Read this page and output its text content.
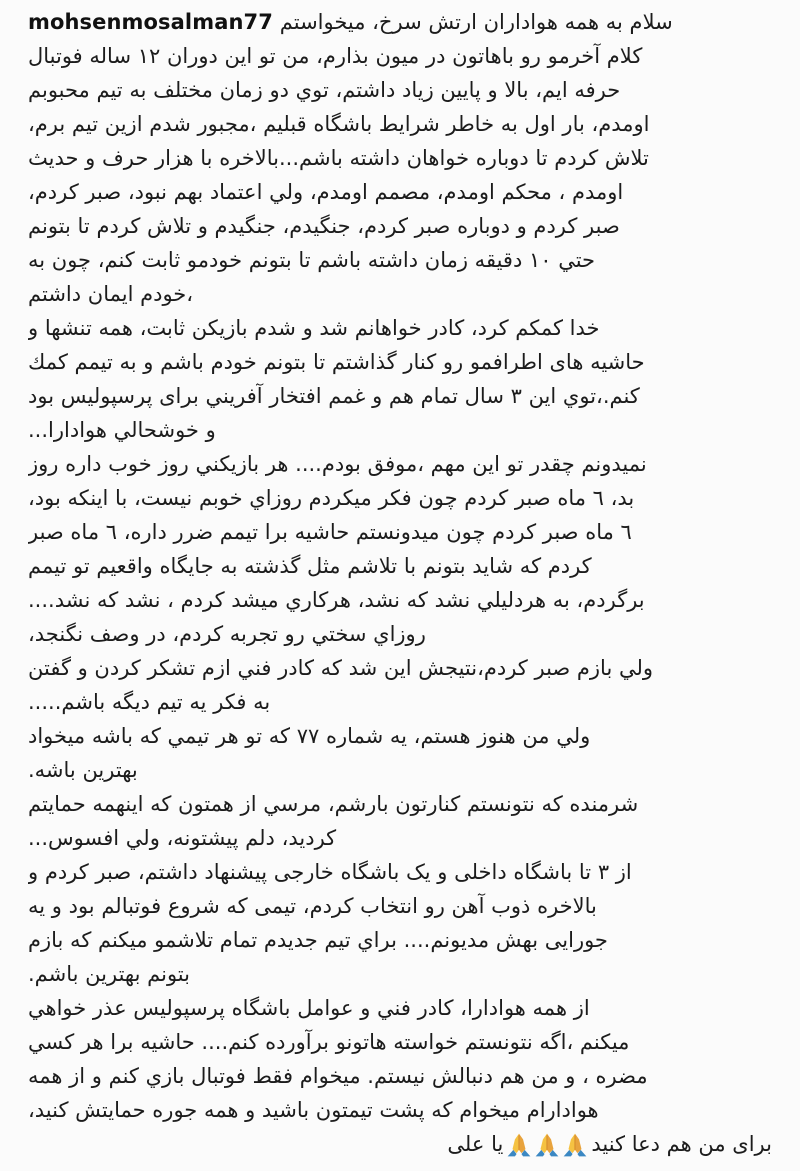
mohsenmosalman77 سلام به همه هواداران ارتش سرخ، میخواستم
کلام آخرمو رو باهاتون در میون بذارم، من تو این دوران ۱۲ ساله فوتبال
حرفه ایم، بالا و پایین زیاد داشتم، توي دو زمان مختلف به تیم محبوبم
اومدم، بار اول به خاطر شرایط باشگاه قبلیم ،مجبور شدم ازین تیم برم،
تلاش کردم تا دوباره خواهان داشته باشم...بالاخره با هزار حرف و حدیث
اومدم ، محکم اومدم، مصمم اومدم، ولي اعتماد بهم نبود، صبر کردم،
صبر کردم و دوباره صبر کردم، جنگیدم، جنگیدم و تلاش کردم تا بتونم
حتي ۱۰ دقیقه زمان داشته باشم تا بتونم خودمو ثابت کنم، چون به
،خودم ایمان داشتم
خدا کمکم کرد، کادر خواهانم شد و شدم بازیکن ثابت، همه تنشها و
حاشیه های اطرافمو رو کنار گذاشتم تا بتونم خودم باشم و به تیمم کمك
کنم.،توي این ۳ سال تمام هم و غمم افتخار آفریني برای پرسپولیس بود
و خوشحالي هوادارا...
نمیدونم چقدر تو این مهم ،موفق بودم.... هر بازیکني روز خوب داره روز
بد، ٦ ماه صبر کردم چون فکر میکردم روزاي خوبم نیست، با اینکه بود،
٦ ماه صبر کردم چون میدونستم حاشیه برا تیمم ضرر داره، ٦ ماه صبر
کردم که شاید بتونم با تلاشم مثل گذشته به جایگاه واقعیم تو تیمم
برگردم، به هردلیلي نشد که نشد، هرکاري میشد کردم ، نشد که نشد....
روزاي سختي رو تجربه کردم، در وصف نگنجد،
ولي بازم صبر کردم،نتیجش این شد که کادر فني ازم تشکر کردن و گفتن
به فکر یه تیم دیگه باشم.....
ولي من هنوز هستم، یه شماره ۷۷ که تو هر تیمي که باشه میخواد
بهترین باشه.
شرمنده که نتونستم کنارتون بارشم، مرسي از همتون که اینهمه حمایتم
کردید، دلم پیشتونه، ولي افسوس...
از ۳ تا باشگاه داخلی و یک باشگاه خارجی پیشنهاد داشتم، صبر کردم و
بالاخره ذوب آهن رو انتخاب کردم، تیمی که شروع فوتبالم بود و یه
جورایی بهش مدیونم.... براي تیم جدیدم تمام تلاشمو میکنم که بازم
بتونم بهترین باشم.
از همه هوادارا، کادر فني و عوامل باشگاه پرسپولیس عذر خواهي
میکنم ،اگه نتونستم خواسته هاتونو برآورده کنم.... حاشیه برا هر کسي
مضره ، و من هم دنبالش نیستم. میخوام فقط فوتبال بازي کنم و از همه
هوادارام میخوام که پشت تیمتون باشید و همه جوره حمایتش کنید،
برای من هم دعا کنید
یا علی
